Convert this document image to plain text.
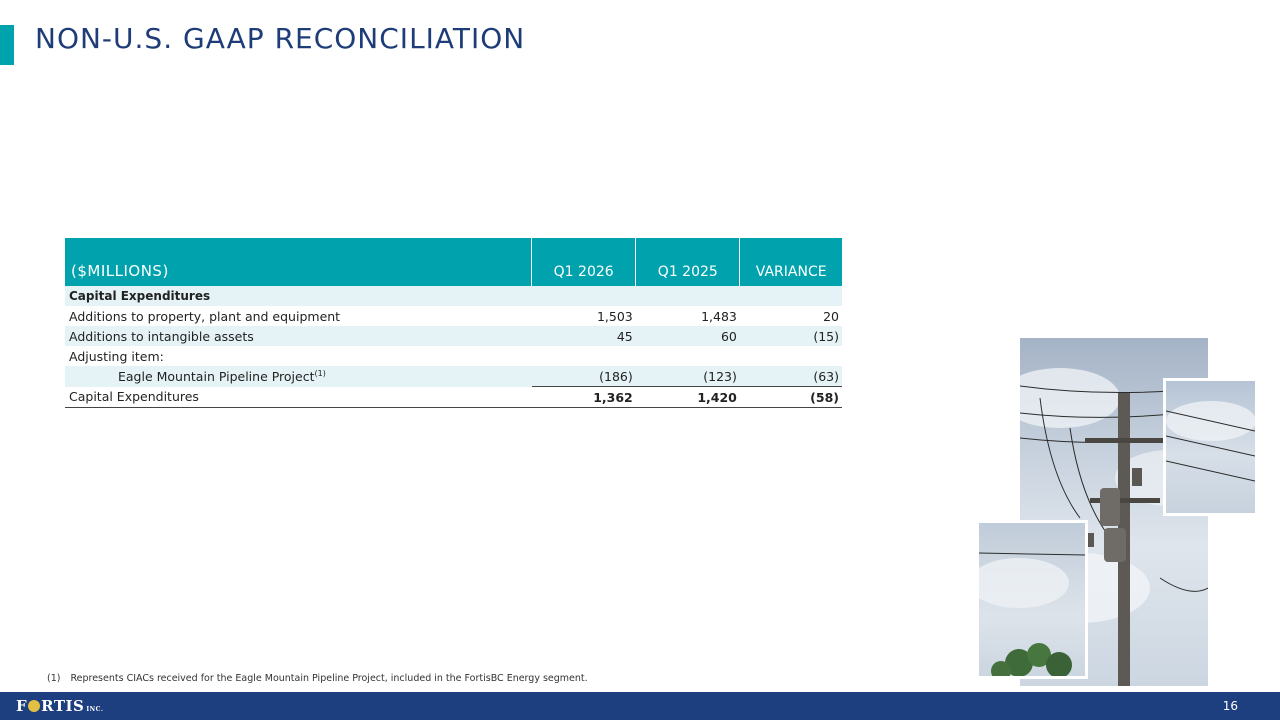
NON-U.S. GAAP RECONCILIATION
($MILLIONS)	Q1 2026	Q1 2025	VARIANCE
Capital Expenditures			
Additions to property, plant and equipment	1,503	1,483	20
Additions to intangible assets	45	60	(15)
Adjusting item:			
Eagle Mountain Pipeline Project$^{(1)}$	(186)	(123)	(63)
Capital Expenditures	1,362	1,420	(58)
(1) Represents CIACs received for the Eagle Mountain Pipeline Project, included in the FortisBC Energy segment.
F RTIS INC.	16
